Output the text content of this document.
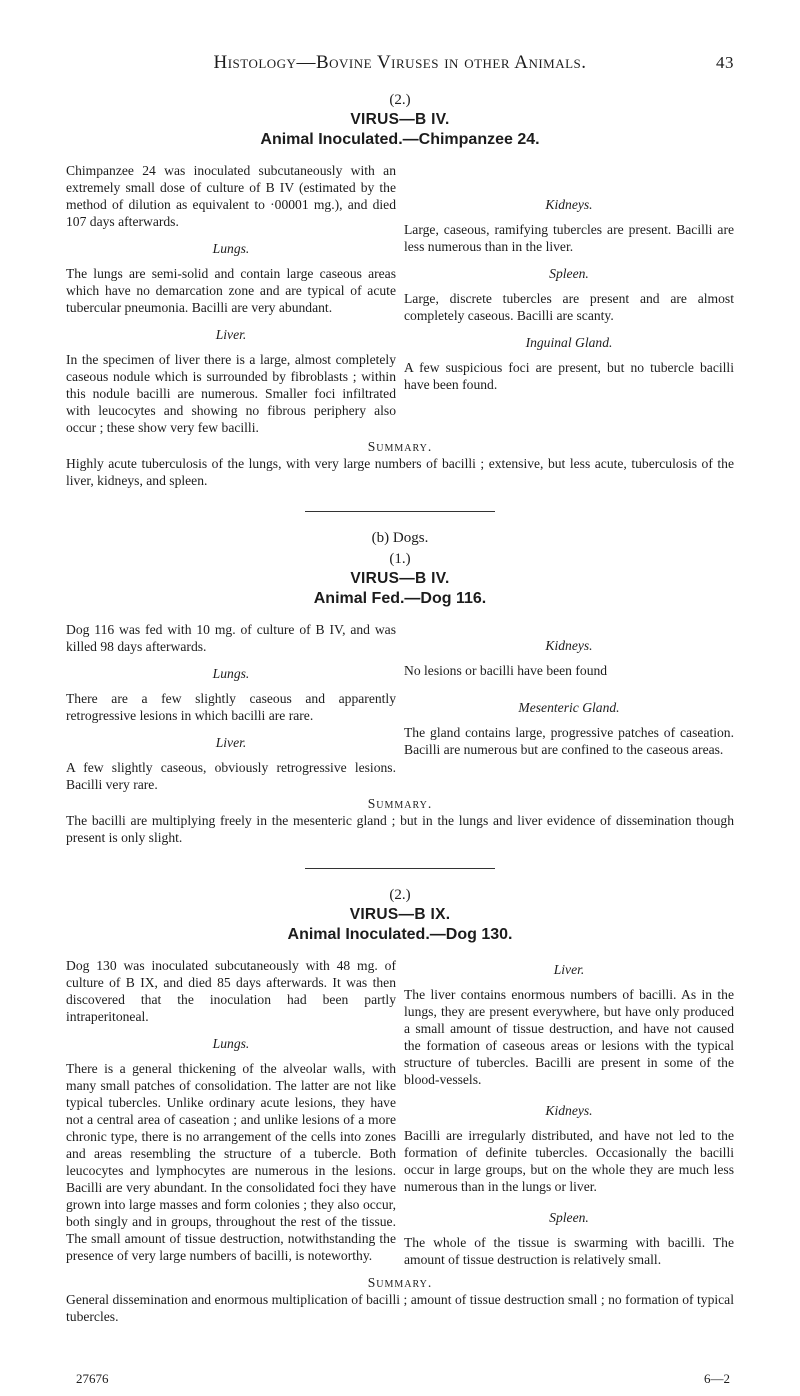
Histology—Bovine Viruses in other Animals.	43
(2.)
VIRUS—B IV.
Animal Inoculated.—Chimpanzee 24.

Chimpanzee 24 was inoculated subcutaneously with an extremely small dose of culture of B IV (estimated by the method of dilution as equivalent to ·00001 mg.), and died 107 days afterwards.

Lungs.

The lungs are semi-solid and contain large caseous areas which have no demarcation zone and are typical of acute tubercular pneumonia. Bacilli are very abundant.

Liver.

In the specimen of liver there is a large, almost completely caseous nodule which is surrounded by fibroblasts ; within this nodule bacilli are numerous. Smaller foci infiltrated with leucocytes and showing no fibrous periphery also occur ; these show very few bacilli.

Kidneys.

Large, caseous, ramifying tubercles are present. Bacilli are less numerous than in the liver.

Spleen.

Large, discrete tubercles are present and are almost completely caseous. Bacilli are scanty.

Inguinal Gland.

A few suspicious foci are present, but no tubercle bacilli have been found.

Summary.

Highly acute tuberculosis of the lungs, with very large numbers of bacilli ; extensive, but less acute, tuberculosis of the liver, kidneys, and spleen.

(b) Dogs.
(1.)
VIRUS—B IV.
Animal Fed.—Dog 116.

Dog 116 was fed with 10 mg. of culture of B IV, and was killed 98 days afterwards.

Lungs.

There are a few slightly caseous and apparently retrogressive lesions in which bacilli are rare.

Liver.

A few slightly caseous, obviously retrogressive lesions. Bacilli very rare.

Kidneys.

No lesions or bacilli have been found

Mesenteric Gland.

The gland contains large, progressive patches of caseation. Bacilli are numerous but are confined to the caseous areas.

Summary.

The bacilli are multiplying freely in the mesenteric gland ; but in the lungs and liver evidence of dissemination though present is only slight.

(2.)
VIRUS—B IX.
Animal Inoculated.—Dog 130.

Dog 130 was inoculated subcutaneously with 48 mg. of culture of B IX, and died 85 days afterwards. It was then discovered that the inoculation had been partly intraperitoneal.

Lungs.

There is a general thickening of the alveolar walls, with many small patches of consolidation. The latter are not like typical tubercles. Unlike ordinary acute lesions, they have not a central area of caseation ; and unlike lesions of a more chronic type, there is no arrangement of the cells into zones and areas resembling the structure of a tubercle. Both leucocytes and lymphocytes are numerous in the lesions. Bacilli are very abundant. In the consolidated foci they have grown into large masses and form colonies ; they also occur, both singly and in groups, throughout the rest of the tissue. The small amount of tissue destruction, notwithstanding the presence of very large numbers of bacilli, is noteworthy.

Liver.

The liver contains enormous numbers of bacilli. As in the lungs, they are present everywhere, but have only produced a small amount of tissue destruction, and have not caused the formation of caseous areas or lesions with the typical structure of tubercles. Bacilli are present in some of the blood-vessels.

Kidneys.

Bacilli are irregularly distributed, and have not led to the formation of definite tubercles. Occasionally the bacilli occur in large groups, but on the whole they are much less numerous than in the lungs or liver.

Spleen.

The whole of the tissue is swarming with bacilli. The amount of tissue destruction is relatively small.

Summary.

General dissemination and enormous multiplication of bacilli ; amount of tissue destruction small ; no formation of typical tubercles.

27676	6—2
